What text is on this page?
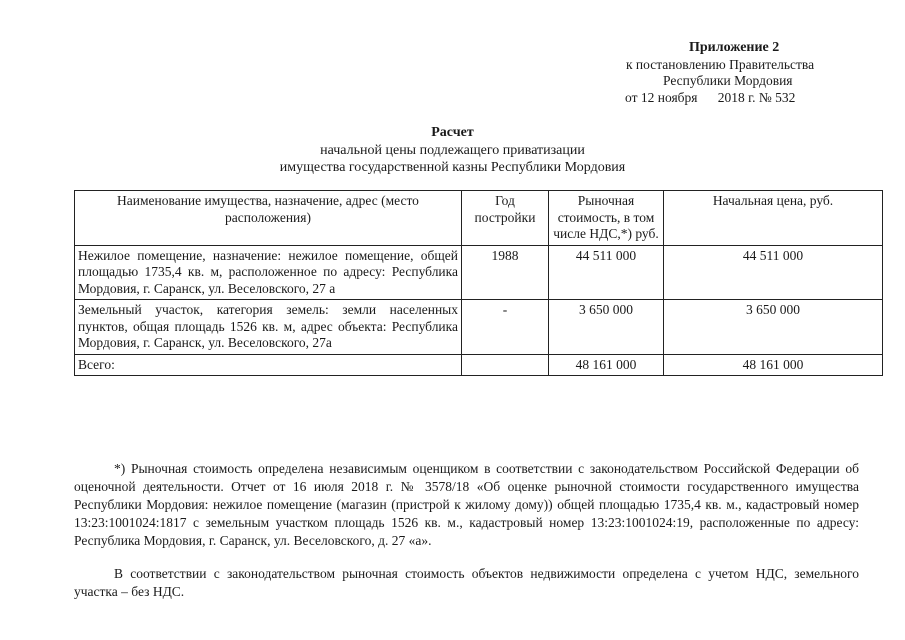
Приложение 2
к постановлению Правительства
Республики Мордовия
от 12 ноября      2018 г. № 532
Расчет
начальной цены подлежащего приватизации
имущества государственной казны Республики Мордовия
Наименование имущества, назначение, адрес (место расположения)	Год постройки	Рыночная стоимость, в том числе НДС,*) руб.	Начальная цена, руб.
Нежилое помещение, назначение: нежилое помещение, общей площадью 1735,4 кв. м, расположенное по адресу: Республика Мордовия, г. Саранск, ул. Веселовского, 27 а	1988	44 511 000	44 511 000
Земельный участок, категория земель: земли населенных пунктов, общая площадь 1526 кв. м, адрес объекта: Республика Мордовия, г. Саранск, ул. Веселовского, 27а	-	3 650 000	3 650 000
Всего:		48 161 000	48 161 000
*) Рыночная стоимость определена независимым оценщиком в соответствии с законодательством Российской Федерации об оценочной деятельности. Отчет от 16 июля 2018 г. № 3578/18 «Об оценке рыночной стоимости государственного имущества Республики Мордовия: нежилое помещение (магазин (пристрой к жилому дому)) общей площадью 1735,4 кв. м., кадастровый номер 13:23:1001024:1817 с земельным участком площадь 1526 кв. м., кадастровый номер 13:23:1001024:19, расположенные по адресу: Республика Мордовия, г. Саранск, ул. Веселовского, д. 27 «а».
В соответствии с законодательством рыночная стоимость объектов недвижимости определена с учетом НДС, земельного участка – без НДС.
